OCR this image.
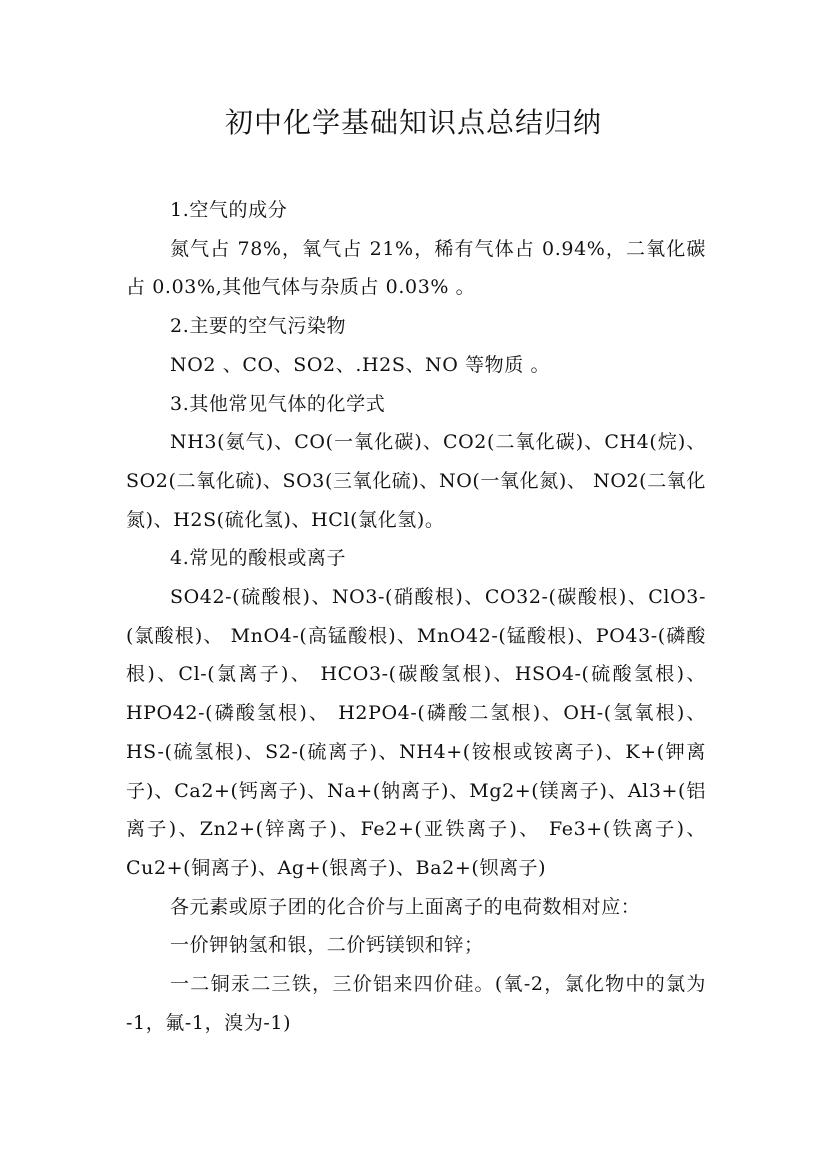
初中化学基础知识点总结归纳

1.空气的成分

氮气占 78%，氧气占 21%，稀有气体占 0.94%，二氧化碳占 0.03%,其他气体与杂质占 0.03% 。

2.主要的空气污染物

NO2 、CO、SO2、.H2S、NO 等物质 。

3.其他常见气体的化学式

NH3(氨气)、CO(一氧化碳)、CO2(二氧化碳)、CH4(烷)、SO2(二氧化硫)、SO3(三氧化硫)、NO(一氧化氮)、 NO2(二氧化氮)、H2S(硫化氢)、HCl(氯化氢)。

4.常见的酸根或离子

SO42-(硫酸根)、NO3-(硝酸根)、CO32-(碳酸根)、ClO3-(氯酸根)、 MnO4-(高锰酸根)、MnO42-(锰酸根)、PO43-(磷酸根)、Cl-(氯离子)、 HCO3-(碳酸氢根)、HSO4-(硫酸氢根)、HPO42-(磷酸氢根)、 H2PO4-(磷酸二氢根)、OH-(氢氧根)、HS-(硫氢根)、S2-(硫离子)、NH4+(铵根或铵离子)、K+(钾离子)、Ca2+(钙离子)、Na+(钠离子)、Mg2+(镁离子)、Al3+(铝离子)、Zn2+(锌离子)、Fe2+(亚铁离子)、 Fe3+(铁离子)、Cu2+(铜离子)、Ag+(银离子)、Ba2+(钡离子)

各元素或原子团的化合价与上面离子的电荷数相对应：

一价钾钠氢和银，二价钙镁钡和锌；

一二铜汞二三铁，三价铝来四价硅。(氧-2，氯化物中的氯为 -1，氟-1，溴为-1)
